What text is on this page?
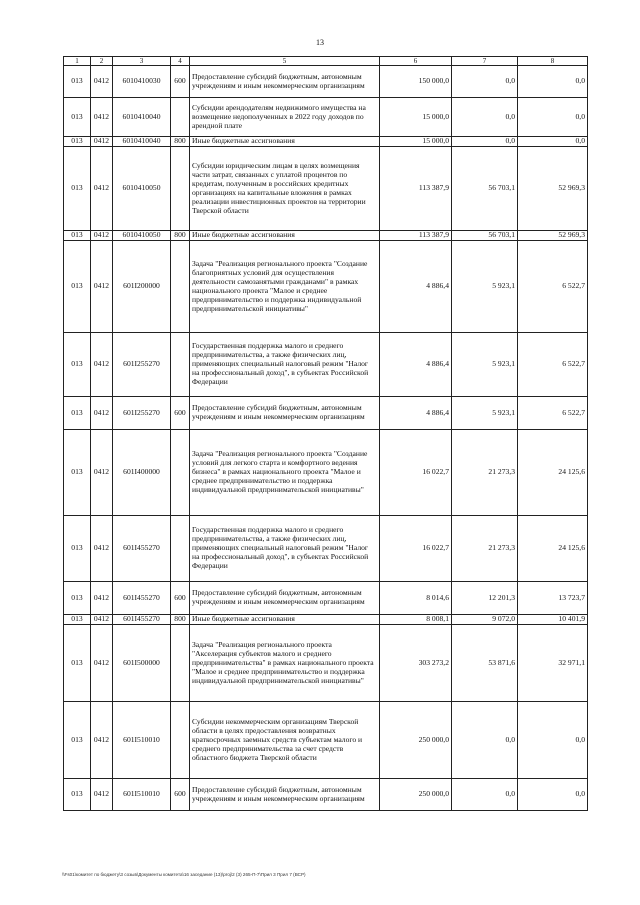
13
1	2	3	4	5	6	7	8
013	0412	6010410030	600	Предоставление субсидий бюджетным, автономным учреждениям и иным некоммерческим организациям	150 000,0	0,0	0,0
013	0412	6010410040		Субсидии арендодателям недвижимого имущества на возмещение недополученных в 2022 году доходов по арендной плате	15 000,0	0,0	0,0
013	0412	6010410040	800	Иные бюджетные ассигнования	15 000,0	0,0	0,0
013	0412	6010410050		Субсидии юридическим лицам в целях возмещения части затрат, связанных с уплатой процентов по кредитам, полученным в российских кредитных организациях на капитальные вложения в рамках реализации инвестиционных проектов на территории Тверской области	113 387,9	56 703,1	52 969,3
013	0412	6010410050	800	Иные бюджетные ассигнования	113 387,9	56 703,1	52 969,3
013	0412	601I200000		Задача "Реализация регионального проекта "Создание благоприятных условий для осуществления деятельности самозанятыми гражданами" в рамках национального проекта "Малое и среднее предпринимательство и поддержка индивидуальной предпринимательской инициативы"	4 886,4	5 923,1	6 522,7
013	0412	601I255270		Государственная поддержка малого и среднего предпринимательства, а также физических лиц, применяющих специальный налоговый режим "Налог на профессиональный доход", в субъектах Российской Федерации	4 886,4	5 923,1	6 522,7
013	0412	601I255270	600	Предоставление субсидий бюджетным, автономным учреждениям и иным некоммерческим организациям	4 886,4	5 923,1	6 522,7
013	0412	601I400000		Задача "Реализация регионального проекта "Создание условий для легкого старта и комфортного ведения бизнеса" в рамках национального проекта "Малое и среднее предпринимательство и поддержка индивидуальной предпринимательской инициативы"	16 022,7	21 273,3	24 125,6
013	0412	601I455270		Государственная поддержка малого и среднего предпринимательства, а также физических лиц, применяющих специальный налоговый режим "Налог на профессиональный доход", в субъектах Российской Федерации	16 022,7	21 273,3	24 125,6
013	0412	601I455270	600	Предоставление субсидий бюджетным, автономным учреждениям и иным некоммерческим организациям	8 014,6	12 201,3	13 723,7
013	0412	601I455270	800	Иные бюджетные ассигнования	8 008,1	9 072,0	10 401,9
013	0412	601I500000		Задача "Реализация регионального проекта "Акселерация субъектов малого и среднего предпринимательства" в рамках национального проекта "Малое и среднее предпринимательство и поддержка индивидуальной предпринимательской инициативы"	303 273,2	53 871,6	32 971,1
013	0412	601I510010		Субсидии некоммерческим организациям Тверской области в целях предоставления возвратных краткосрочных заемных средств субъектам малого и среднего предпринимательства за счет средств областного бюджета Тверской области	250 000,0	0,0	0,0
013	0412	601I510010	600	Предоставление субсидий бюджетным, автономным учреждениям и иным некоммерческим организациям	250 000,0	0,0	0,0
\\Fs01\комитет по бюджету\3 созыв\Документы комитета\16 заседание (13)\proj\2 (3) 265-П-7\Прил 3 Прил 7 (ВСР)
